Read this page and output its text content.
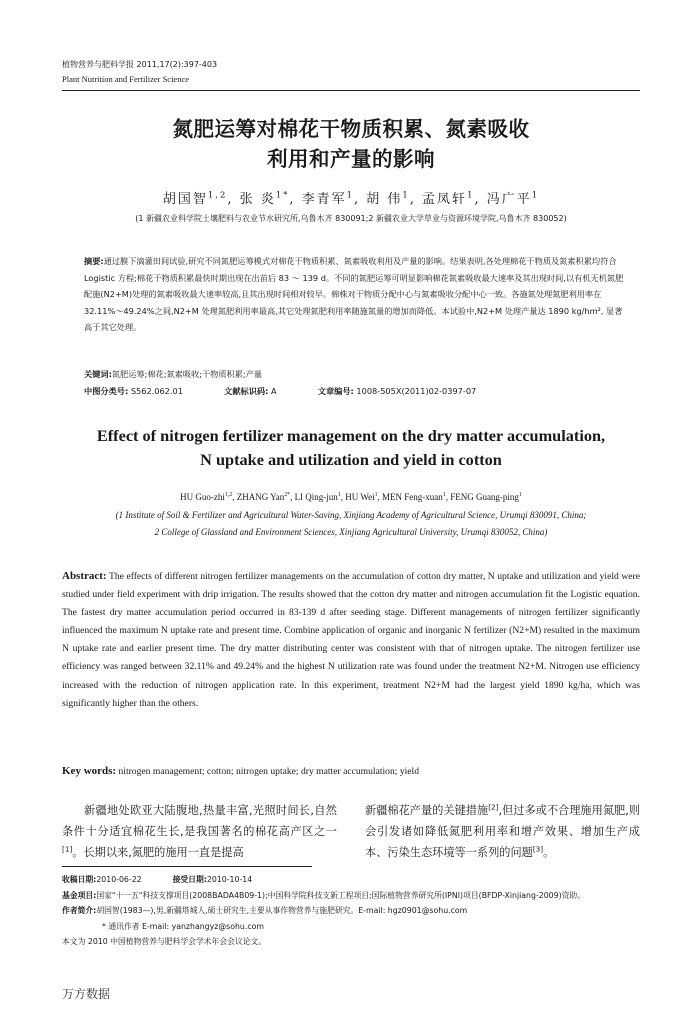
植物营养与肥料学报 2011,17(2):397-403
Plant Nutrition and Fertilizer Science
氮肥运筹对棉花干物质积累、氮素吸收
利用和产量的影响
胡国智$^{1,2}$, 张 炎$^{1*}$, 李青军$^1$, 胡 伟$^1$, 孟凤轩$^1$, 冯广平$^1$
(1 新疆农业科学院土壤肥料与农业节水研究所,乌鲁木齐 830091;2 新疆农业大学草业与资源环境学院,乌鲁木齐 830052)
摘要:通过膜下滴灌田间试验,研究不同氮肥运筹模式对棉花干物质积累、氮素吸收利用及产量的影响。结果表明,各处理棉花干物质及氮素积累均符合 Logistic 方程;棉花干物质积累最快时期出现在出苗后 83 ～ 139 d。不同的氮肥运筹可明显影响棉花氮素吸收最大速率及其出现时间,以有机无机氮肥配施(N2+M)处理的氮素吸收最大速率较高,且其出现时间相对较早。棉株对干物质分配中心与氮素吸收分配中心一致。各施氮处理氮肥利用率在 32.11%～49.24%之间,N2+M 处理氮肥利用率最高,其它处理氮肥利用率随施氮量的增加而降低。本试验中,N2+M 处理产量达 1890 kg/hm², 显著高于其它处理。
关键词:氮肥运筹;棉花;氮素吸收;干物质积累;产量
中图分类号: S562.062.01	文献标识码: A	文章编号: 1008-505X(2011)02-0397-07
Effect of nitrogen fertilizer management on the dry matter accumulation,
N uptake and utilization and yield in cotton
HU Guo-zhi$^{1,2}$, ZHANG Yan$^{2*}$, LI Qing-jun$^1$, HU Wei$^1$, MEN Feng-xuan$^1$, FENG Guang-ping$^1$
(1 Institute of Soil & Fertilizer and Agricultural Water-Saving, Xinjiang Academy of Agricultural Science, Urumqi 830091, China;
2 College of Glassland and Environment Sciences, Xinjiang Agricultural University, Urumqi 830052, China)
Abstract: The effects of different nitrogen fertilizer managements on the accumulation of cotton dry matter, N uptake and utilization and yield were studied under field experiment with drip irrigation. The results showed that the cotton dry matter and nitrogen accumulation fit the Logistic equation. The fastest dry matter accumulation period occurred in 83-139 d after seeding stage. Different managements of nitrogen fertilizer significantly influenced the maximum N uptake rate and present time. Combine application of organic and inorganic N fertilizer (N2+M) resulted in the maximum N uptake rate and earlier present time. The dry matter distributing center was consistent with that of nitrogen uptake. The nitrogen fertilizer use efficiency was ranged between 32.11% and 49.24% and the highest N utilization rate was found under the treatment N2+M. Nitrogen use efficiency increased with the reduction of nitrogen application rate. In this experiment, treatment N2+M had the largest yield 1890 kg/ha, which was significantly higher than the others.
Key words: nitrogen management; cotton; nitrogen uptake; dry matter accumulation; yield
新疆地处欧亚大陆腹地,热量丰富,光照时间长,自然条件十分适宜棉花生长,是我国著名的棉花高产区之一[1]。长期以来,氮肥的施用一直是提高
新疆棉花产量的关键措施[2],但过多或不合理施用氮肥,则会引发诸如降低氮肥利用率和增产效果、增加生产成本、污染生态环境等一系列的问题[3]。
收稿日期:2010-06-22	接受日期:2010-10-14
基金项目:国家"十一五"科技支撑项目(2008BADA4B09-1);中国科学院科技支新工程项目;国际植物营养研究所(IPNI)项目(BFDP-Xinjiang-2009)资助。
作者简介:胡国智(1983—),男,新疆塔城人,硕士研究生,主要从事作物营养与施肥研究。E-mail: hgz0901@sohu.com
* 通讯作者 E-mail: yanzhangyz@sohu.com
本文为 2010 中国植物营养与肥料学会学术年会会议论文。
万方数据
